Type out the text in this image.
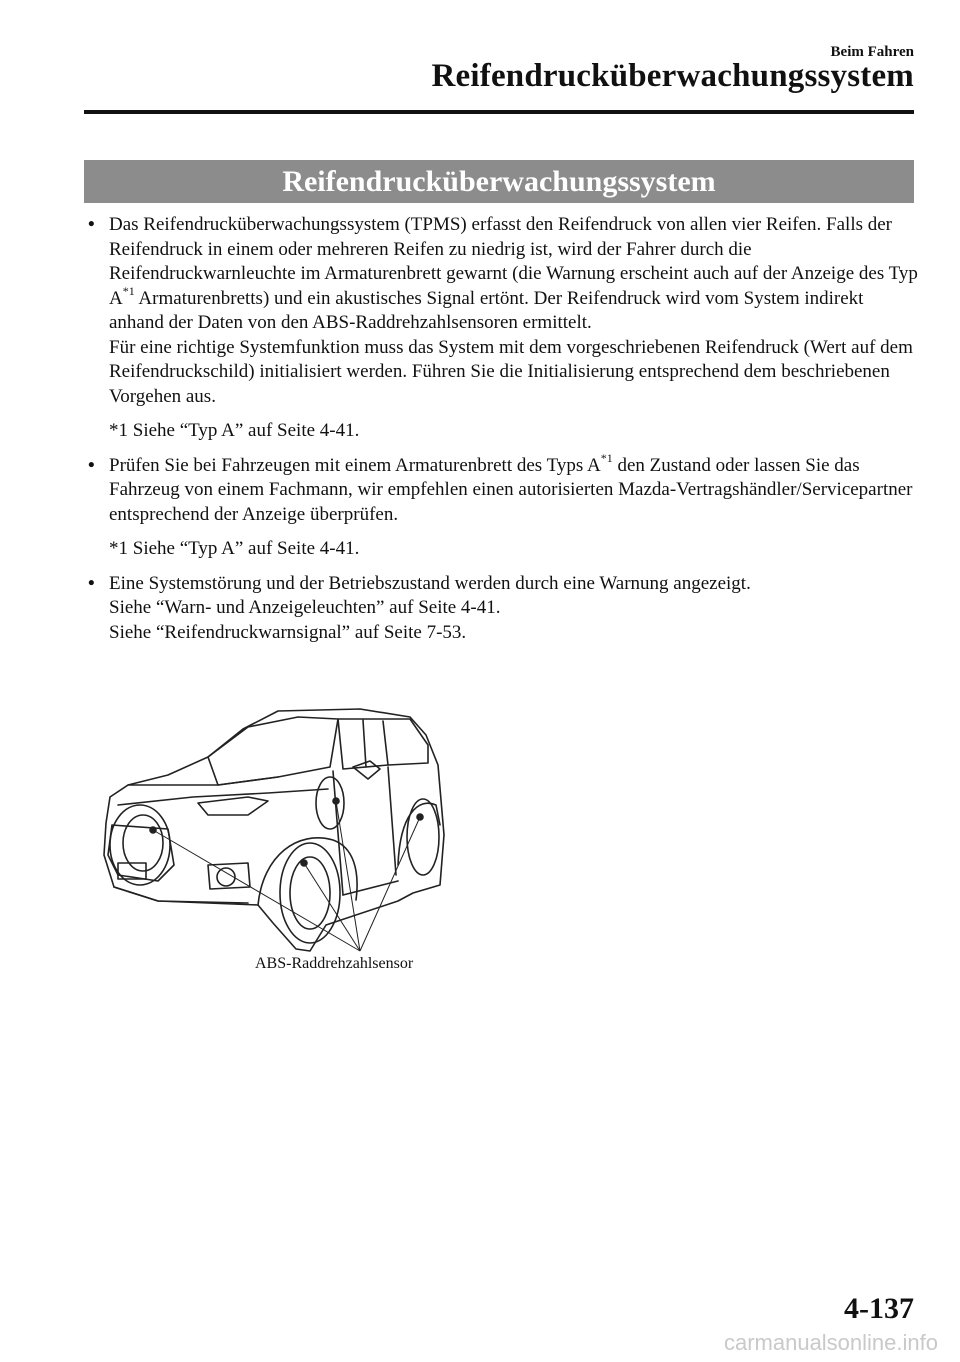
Beim Fahren
Reifendrucküberwachungssystem
Reifendrucküberwachungssystem
• Das Reifendrucküberwachungssystem (TPMS) erfasst den Reifendruck von allen vier Reifen. Falls der Reifendruck in einem oder mehreren Reifen zu niedrig ist, wird der Fahrer durch die Reifendruckwarnleuchte im Armaturenbrett gewarnt (die Warnung erscheint auch auf der Anzeige des Typ $A^{*1}$ Armaturenbretts) und ein akustisches Signal ertönt. Der Reifendruck wird vom System indirekt anhand der Daten von den ABS-Raddrehzahlsensoren ermittelt.
Für eine richtige Systemfunktion muss das System mit dem vorgeschriebenen Reifendruck (Wert auf dem Reifendruckschild) initialisiert werden. Führen Sie die Initialisierung entsprechend dem beschriebenen Vorgehen aus.
*1 Siehe “Typ A” auf Seite 4-41.
• Prüfen Sie bei Fahrzeugen mit einem Armaturenbrett des Typs $A^{*1}$ den Zustand oder lassen Sie das Fahrzeug von einem Fachmann, wir empfehlen einen autorisierten Mazda-Vertragshändler/Servicepartner entsprechend der Anzeige überprüfen.
*1 Siehe “Typ A” auf Seite 4-41.
• Eine Systemstörung und der Betriebszustand werden durch eine Warnung angezeigt.
Siehe “Warn- und Anzeigeleuchten” auf Seite 4-41.
Siehe “Reifendruckwarnsignal” auf Seite 7-53.
ABS-Raddrehzahlsensor
4-137
carmanualsonline.info
